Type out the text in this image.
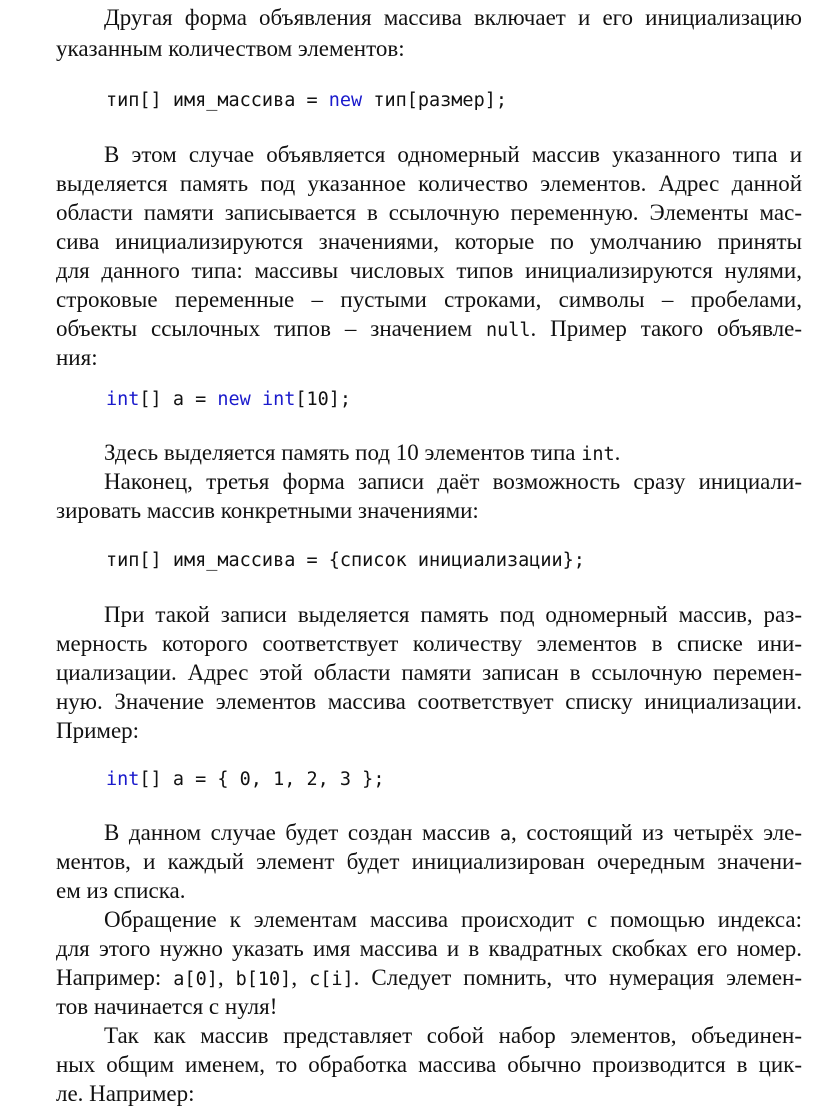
Другая форма объявления массива включает и его инициализацию
указанным количеством элементов:
тип[] имя_массива = new тип[размер];
В этом случае объявляется одномерный массив указанного типа и
выделяется память под указанное количество элементов. Адрес данной
области памяти записывается в ссылочную переменную. Элементы мас-
сива инициализируются значениями, которые по умолчанию приняты
для данного типа: массивы числовых типов инициализируются нулями,
строковые переменные – пустыми строками, символы – пробелами,
объекты ссылочных типов – значением null. Пример такого объявле-
ния:
int[] a = new int[10];
Здесь выделяется память под 10 элементов типа int.
Наконец, третья форма записи даёт возможность сразу инициали-
зировать массив конкретными значениями:
тип[] имя_массива = {список инициализации};
При такой записи выделяется память под одномерный массив, раз-
мерность которого соответствует количеству элементов в списке ини-
циализации. Адрес этой области памяти записан в ссылочную перемен-
ную. Значение элементов массива соответствует списку инициализации.
Пример:
int[] a = { 0, 1, 2, 3 };
В данном случае будет создан массив a, состоящий из четырёх эле-
ментов, и каждый элемент будет инициализирован очередным значени-
ем из списка.
Обращение к элементам массива происходит с помощью индекса:
для этого нужно указать имя массива и в квадратных скобках его номер.
Например: a[0], b[10], c[i]. Следует помнить, что нумерация элемен-
тов начинается с нуля!
Так как массив представляет собой набор элементов, объединен-
ных общим именем, то обработка массива обычно производится в цик-
ле. Например:
